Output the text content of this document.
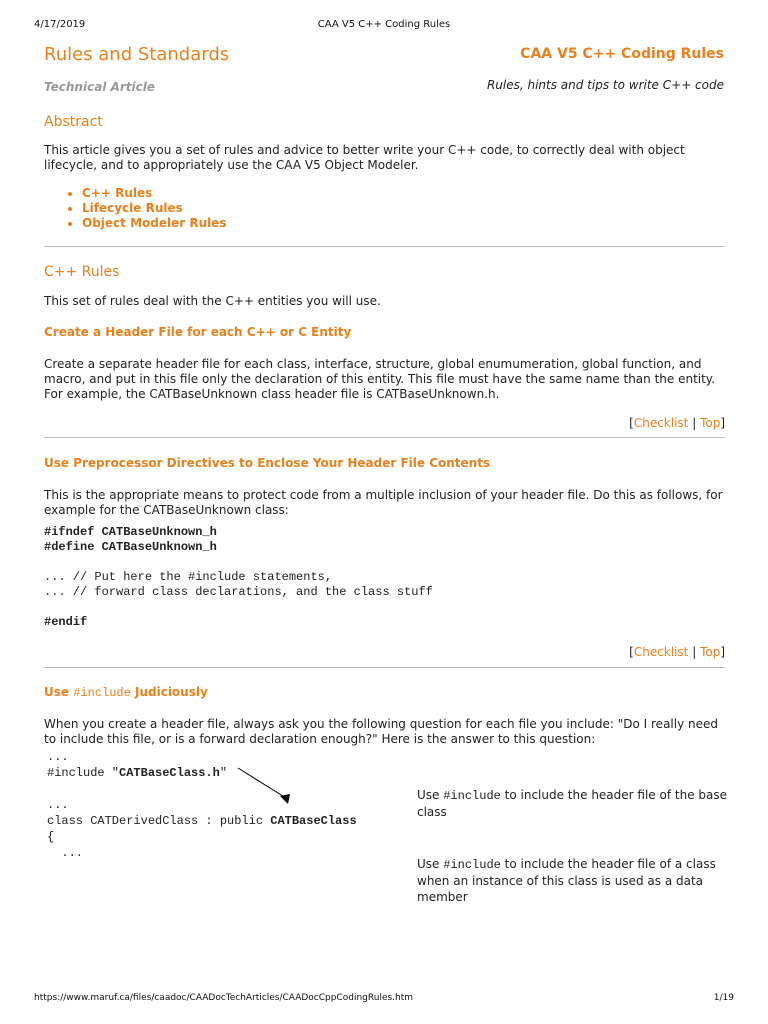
4/17/2019	CAA V5 C++ Coding Rules
Rules and Standards	CAA V5 C++ Coding Rules
Technical Article	Rules, hints and tips to write C++ code
Abstract
This article gives you a set of rules and advice to better write your C++ code, to correctly deal with object lifecycle, and to appropriately use the CAA V5 Object Modeler.
• C++ Rules
• Lifecycle Rules
• Object Modeler Rules
C++ Rules
This set of rules deal with the C++ entities you will use.
Create a Header File for each C++ or C Entity
Create a separate header file for each class, interface, structure, global enumumeration, global function, and macro, and put in this file only the declaration of this entity. This file must have the same name than the entity. For example, the CATBaseUnknown class header file is CATBaseUnknown.h.
[Checklist | Top]
Use Preprocessor Directives to Enclose Your Header File Contents
This is the appropriate means to protect code from a multiple inclusion of your header file. Do this as follows, for example for the CATBaseUnknown class:
#ifndef CATBaseUnknown_h
#define CATBaseUnknown_h

... // Put here the #include statements,
... // forward class declarations, and the class stuff

#endif
[Checklist | Top]
Use #include Judiciously
When you create a header file, always ask you the following question for each file you include: "Do I really need to include this file, or is a forward declaration enough?" Here is the answer to this question:
...
#include "CATBaseClass.h"

...
class CATDerivedClass : public CATBaseClass
{
...
Use #include to include the header file of the base class
Use #include to include the header file of a class when an instance of this class is used as a data member
https://www.maruf.ca/files/caadoc/CAADocTechArticles/CAADocCppCodingRules.htm	1/19
